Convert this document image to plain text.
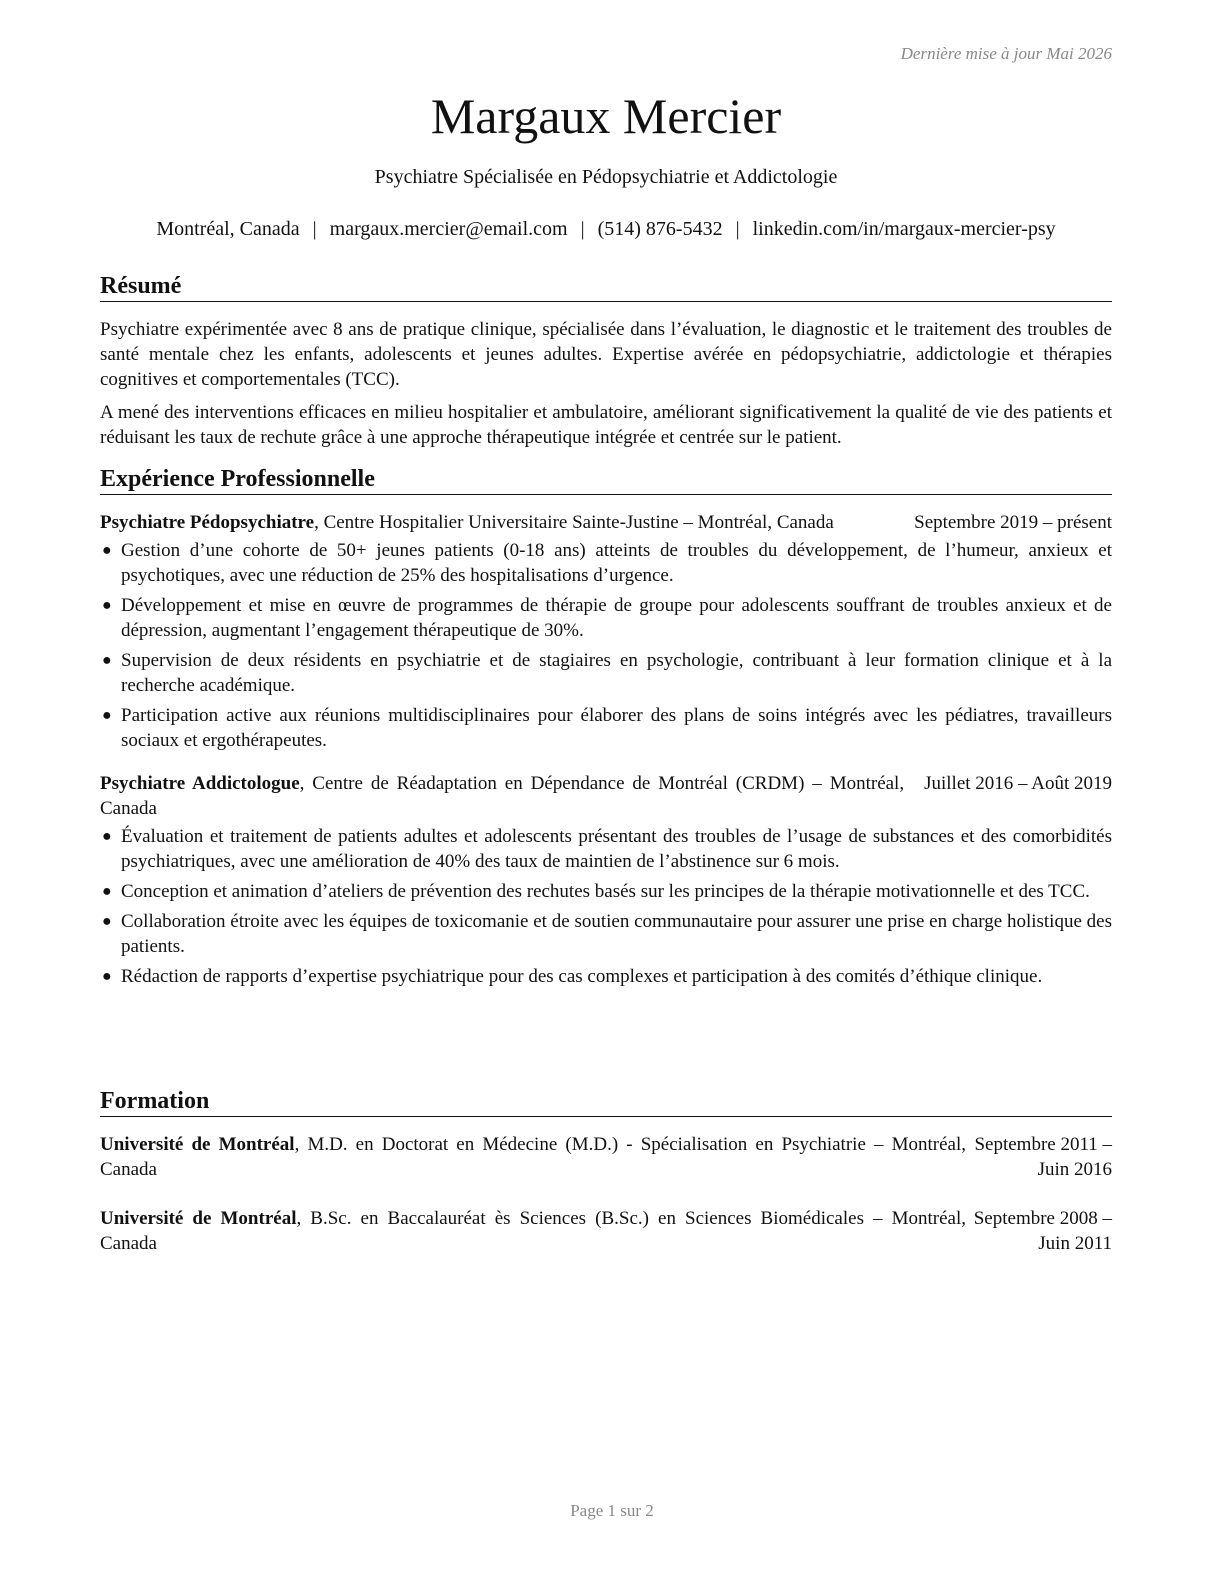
Dernière mise à jour Mai 2026
Margaux Mercier
Psychiatre Spécialisée en Pédopsychiatrie et Addictologie
Montréal, Canada | margaux.mercier@email.com | (514) 876-5432 | linkedin.com/in/margaux-mercier-psy
Résumé

Psychiatre expérimentée avec 8 ans de pratique clinique, spécialisée dans l’évaluation, le diagnostic et le traitement des troubles de santé mentale chez les enfants, adolescents et jeunes adultes. Expertise avérée en pédopsychiatrie, addictologie et thérapies cognitives et comportementales (TCC).

A mené des interventions efficaces en milieu hospitalier et ambulatoire, améliorant significativement la qualité de vie des patients et réduisant les taux de rechute grâce à une approche thérapeutique intégrée et centrée sur le patient.

Expérience Professionnelle
Septembre 2019 – présent
Psychiatre Pédopsychiatre, Centre Hospitalier Universitaire Sainte-Justine – Montréal, Canada
● Gestion d’une cohorte de 50+ jeunes patients (0-18 ans) atteints de troubles du développement, de l’humeur, anxieux et psychotiques, avec une réduction de 25% des hospitalisations d’urgence.
● Développement et mise en œuvre de programmes de thérapie de groupe pour adolescents souffrant de troubles anxieux et de dépression, augmentant l’engagement thérapeutique de 30%.
● Supervision de deux résidents en psychiatrie et de stagiaires en psychologie, contribuant à leur formation clinique et à la recherche académique.
● Participation active aux réunions multidisciplinaires pour élaborer des plans de soins intégrés avec les pédiatres, travailleurs sociaux et ergothérapeutes.
Juillet 2016 – Août 2019
Psychiatre Addictologue, Centre de Réadaptation en Dépendance de Montréal (CRDM) – Montréal, Canada
● Évaluation et traitement de patients adultes et adolescents présentant des troubles de l’usage de substances et des comorbidités psychiatriques, avec une amélioration de 40% des taux de maintien de l’abstinence sur 6 mois.
● Conception et animation d’ateliers de prévention des rechutes basés sur les principes de la thérapie motivationnelle et des TCC.
● Collaboration étroite avec les équipes de toxicomanie et de soutien communautaire pour assurer une prise en charge holistique des patients.
● Rédaction de rapports d’expertise psychiatrique pour des cas complexes et participation à des comités d’éthique clinique.
Formation
Université de Montréal, M.D. en Doctorat en Médecine (M.D.) - Spécialisation en Psychiatrie – Montréal, Canada
Septembre 2011 – Juin 2016
Université de Montréal, B.Sc. en Baccalauréat ès Sciences (B.Sc.) en Sciences Biomédicales – Montréal, Canada
Septembre 2008 – Juin 2011
Page 1 sur 2
